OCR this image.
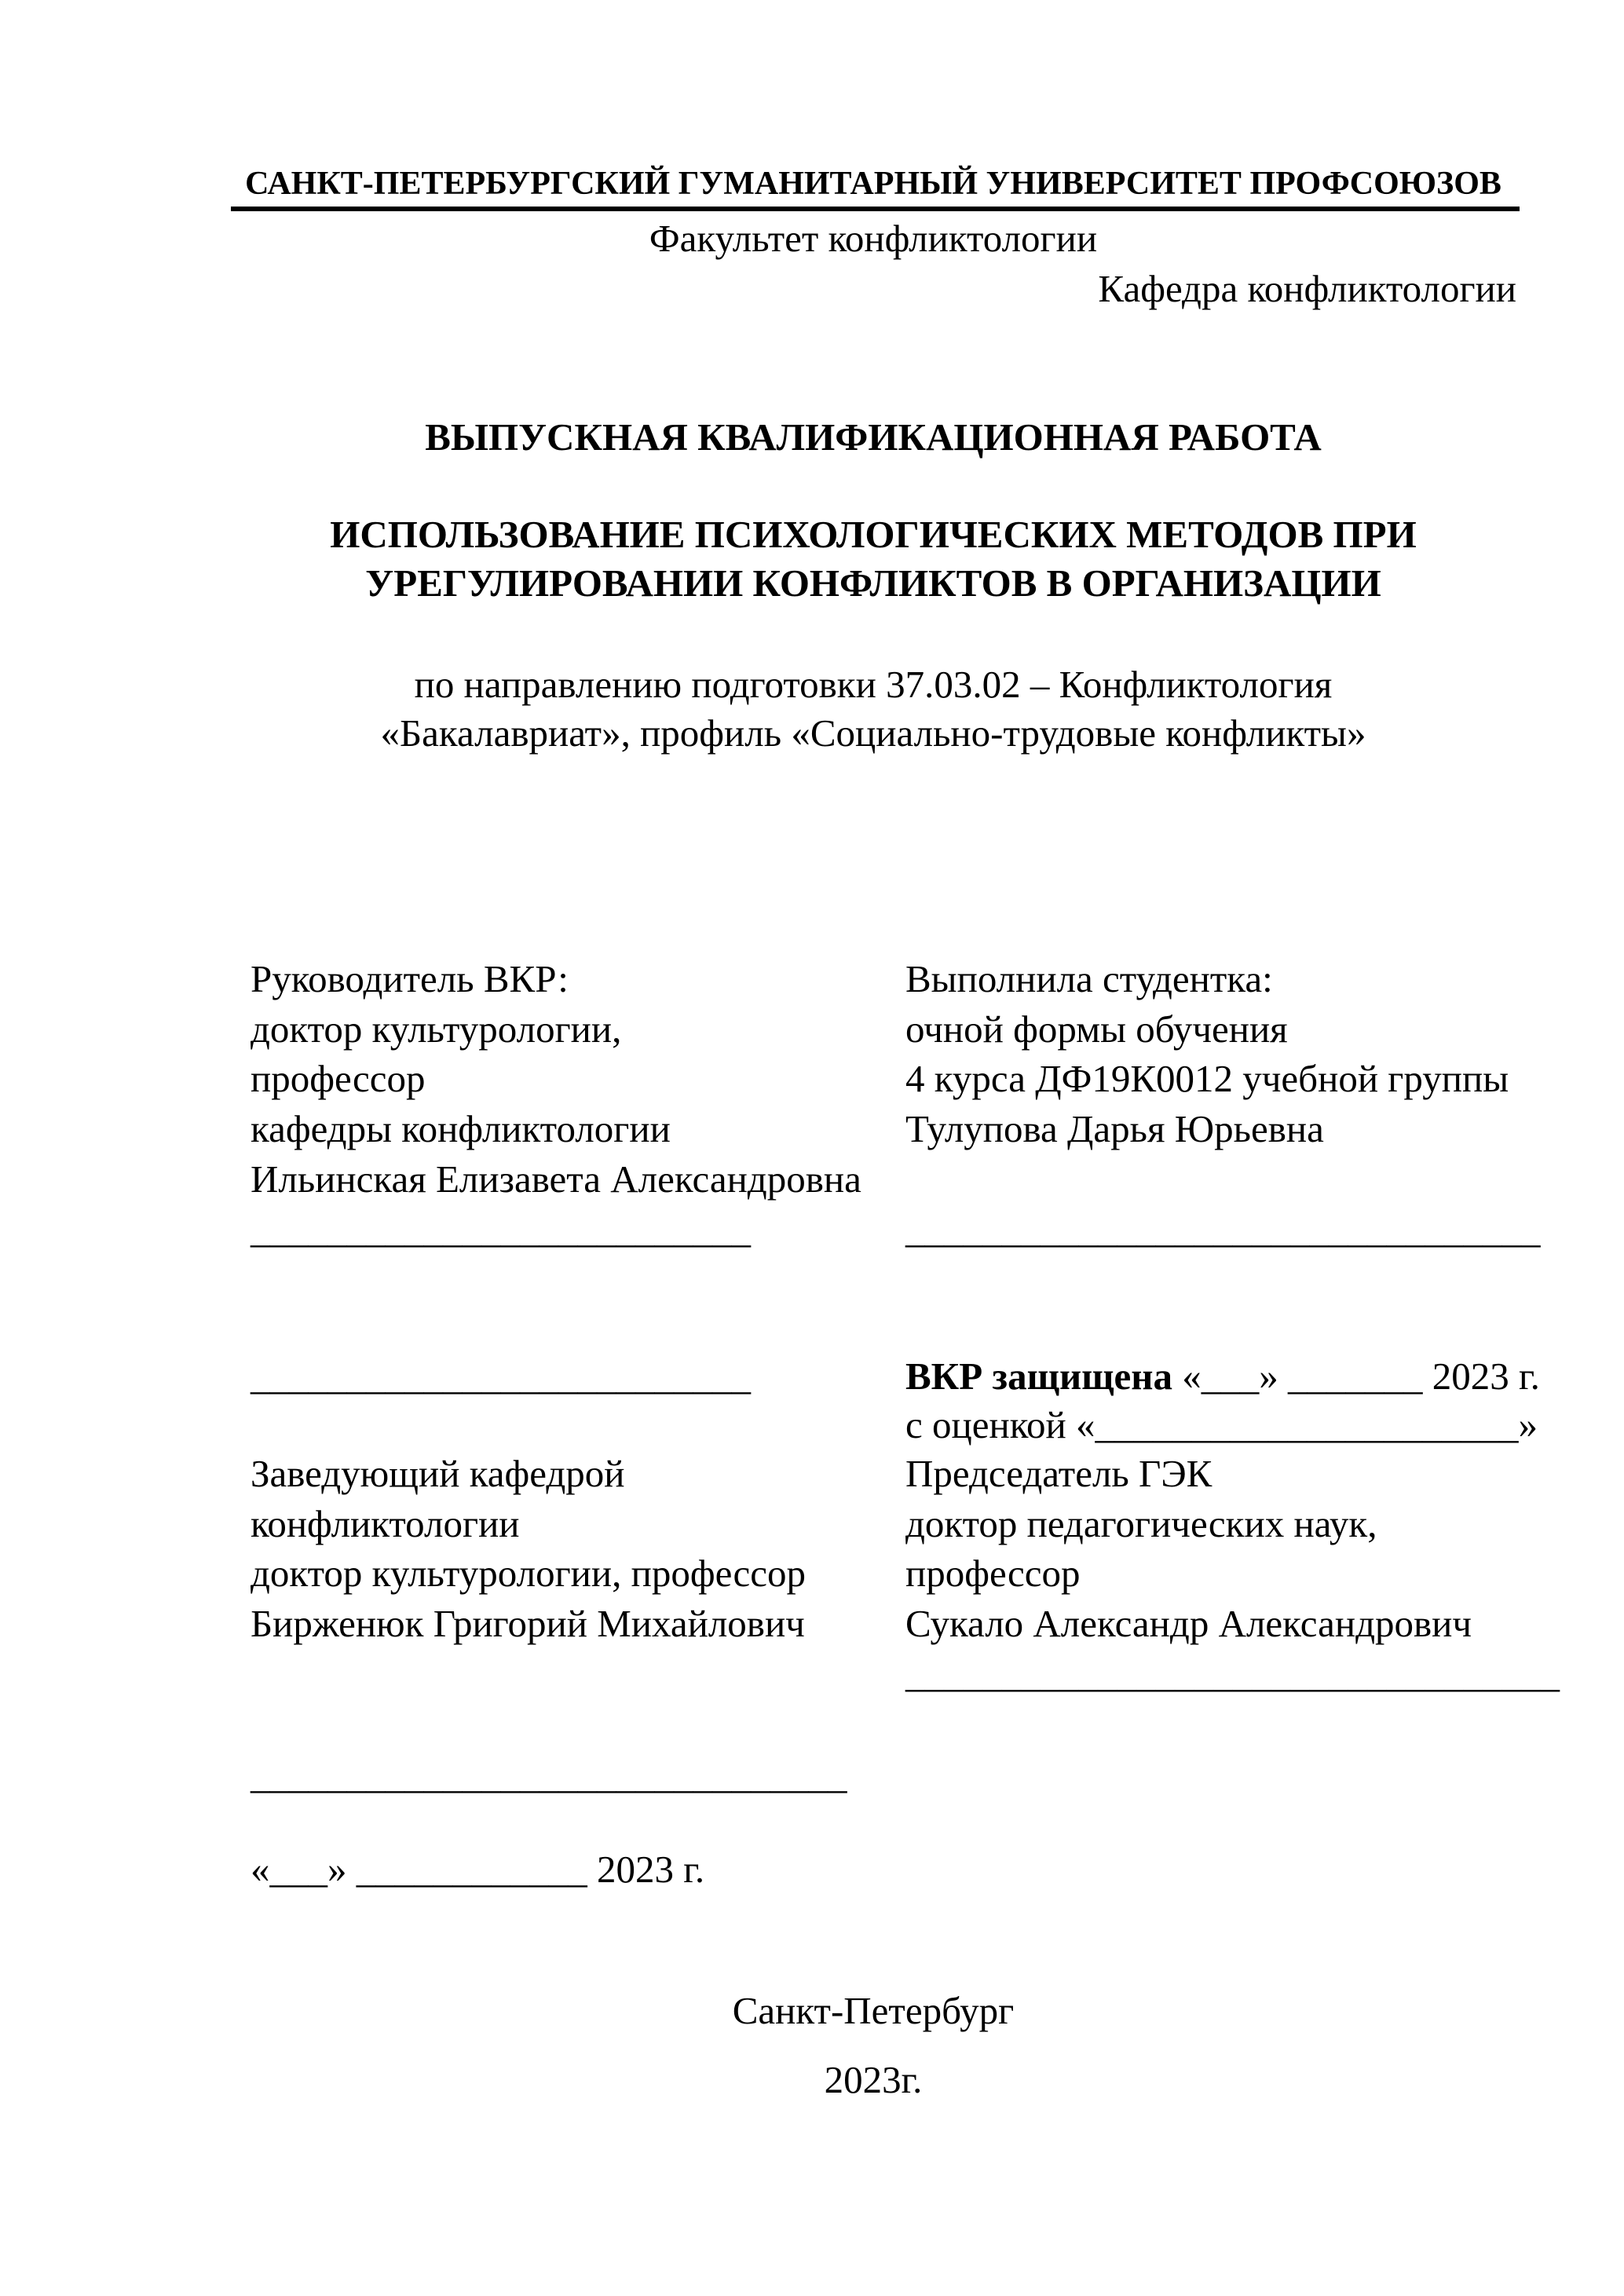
САНКТ-ПЕТЕРБУРГСКИЙ ГУМАНИТАРНЫЙ УНИВЕРСИТЕТ ПРОФСОЮЗОВ
Факультет конфликтологии
Кафедра конфликтологии
ВЫПУСКНАЯ КВАЛИФИКАЦИОННАЯ РАБОТА
ИСПОЛЬЗОВАНИЕ ПСИХОЛОГИЧЕСКИХ МЕТОДОВ ПРИ
УРЕГУЛИРОВАНИИ КОНФЛИКТОВ В ОРГАНИЗАЦИИ
по направлению подготовки 37.03.02 – Конфликтология
«Бакалавриат», профиль «Социально-трудовые конфликты»
Руководитель ВКР:
доктор культурологии,
профессор
кафедры конфликтологии
Ильинская Елизавета Александровна
__________________________
Выполнила студентка:
очной формы обучения
4 курса ДФ19К0012 учебной группы
Тулупова Дарья Юрьевна
_________________________________
__________________________	ВКР защищена «___» _______ 2023 г.
с оценкой «______________________»
Заведующий кафедрой
конфликтологии
доктор культурологии, профессор
Бирженюк Григорий Михайлович
_______________________________
«___» ____________ 2023 г.
Председатель ГЭК
доктор педагогических наук,
профессор
Сукало Александр Александрович
__________________________________
Санкт-Петербург
2023г.
